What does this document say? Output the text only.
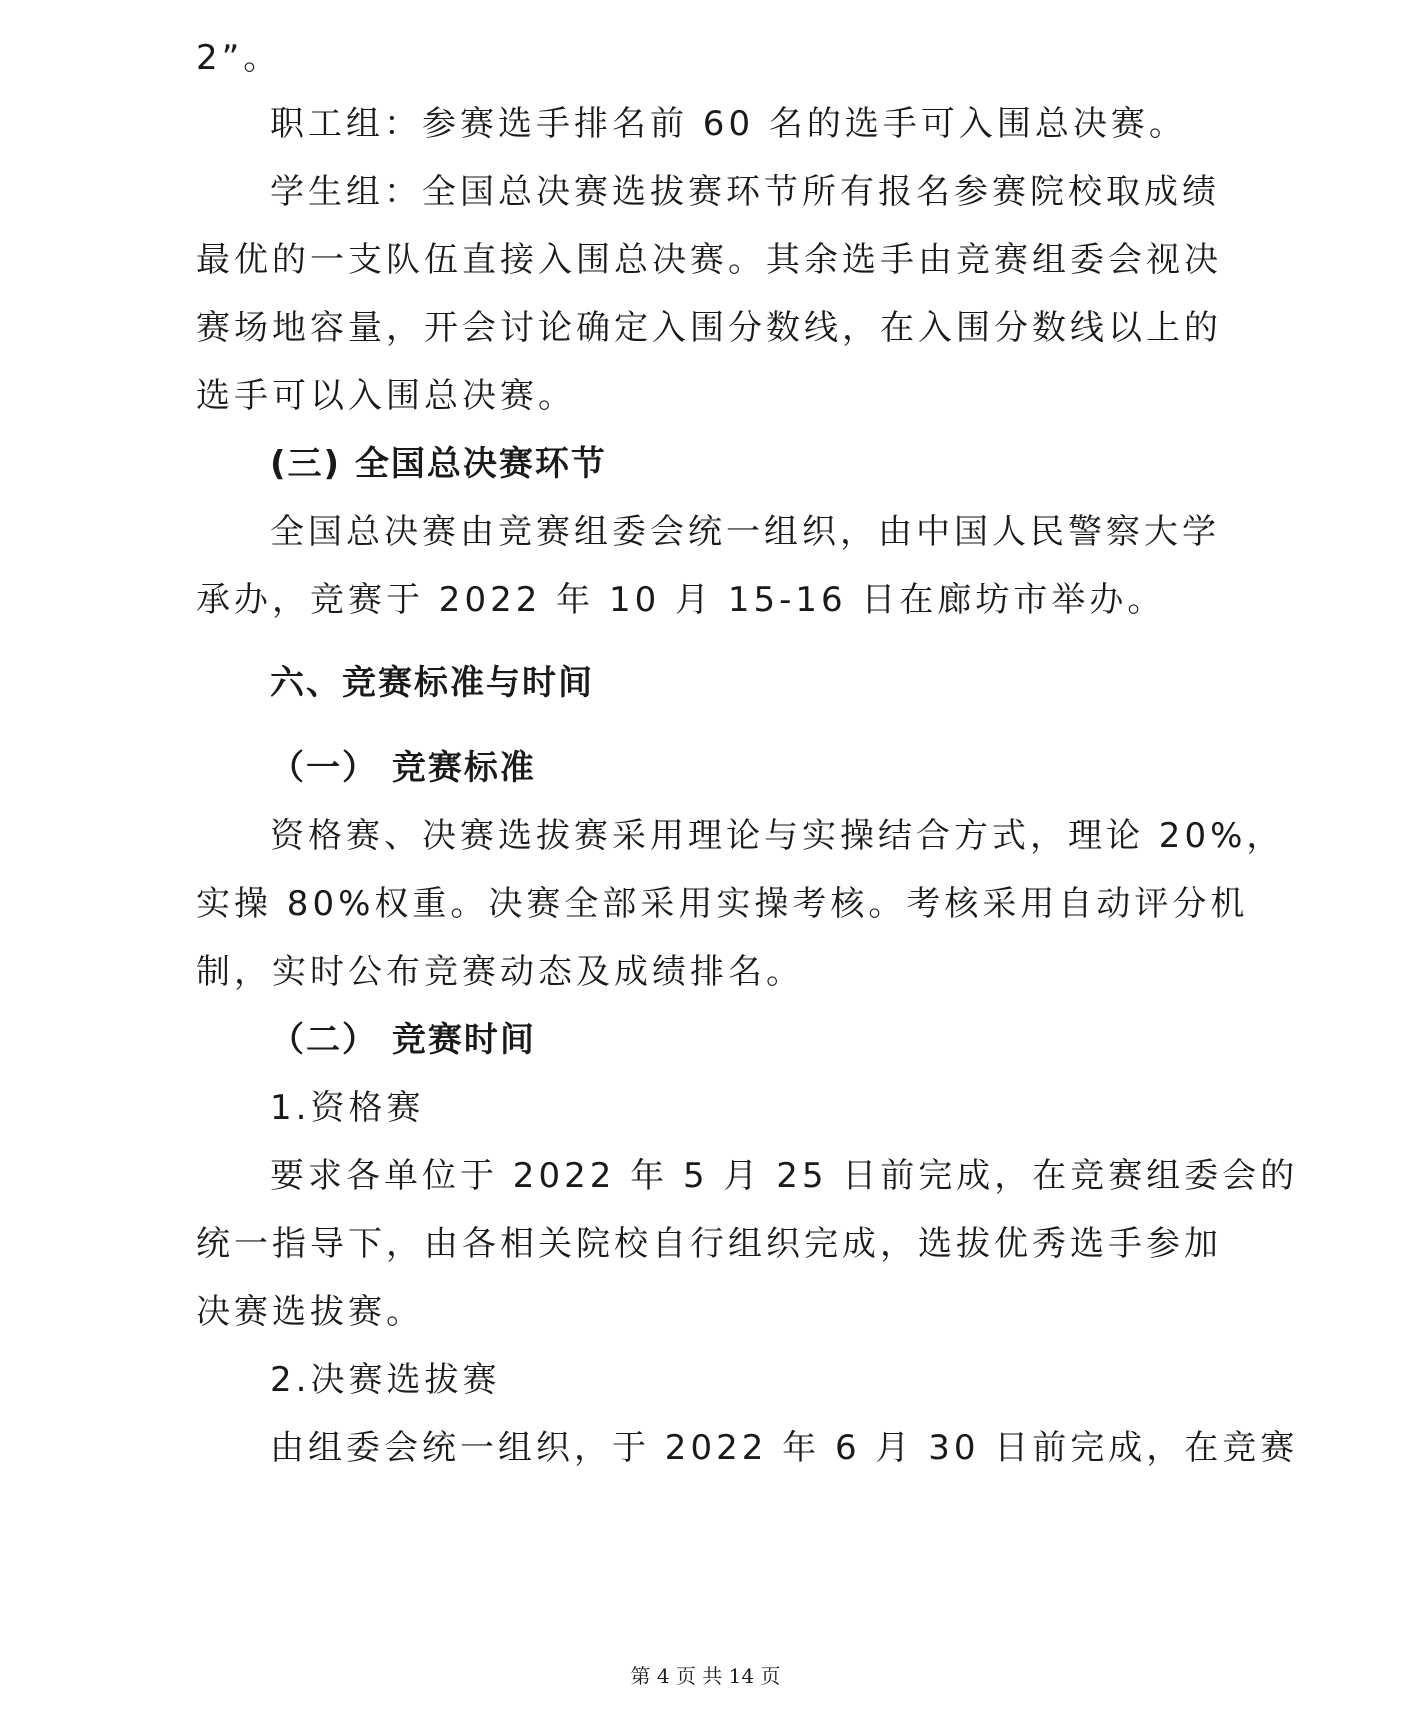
2”。
职工组：参赛选手排名前 60 名的选手可入围总决赛。
学生组：全国总决赛选拔赛环节所有报名参赛院校取成绩
最优的一支队伍直接入围总决赛。其余选手由竞赛组委会视决
赛场地容量，开会讨论确定入围分数线，在入围分数线以上的
选手可以入围总决赛。
(三) 全国总决赛环节
全国总决赛由竞赛组委会统一组织，由中国人民警察大学
承办，竞赛于 2022 年 10 月 15-16 日在廊坊市举办。
六、竞赛标准与时间
（一） 竞赛标准
资格赛、决赛选拔赛采用理论与实操结合方式，理论 20%，
实操 80%权重。决赛全部采用实操考核。考核采用自动评分机
制，实时公布竞赛动态及成绩排名。
（二） 竞赛时间
1.资格赛
要求各单位于 2022 年 5 月 25 日前完成，在竞赛组委会的
统一指导下，由各相关院校自行组织完成，选拔优秀选手参加
决赛选拔赛。
2.决赛选拔赛
由组委会统一组织，于 2022 年 6 月 30 日前完成，在竞赛
第 4 页 共 14 页
